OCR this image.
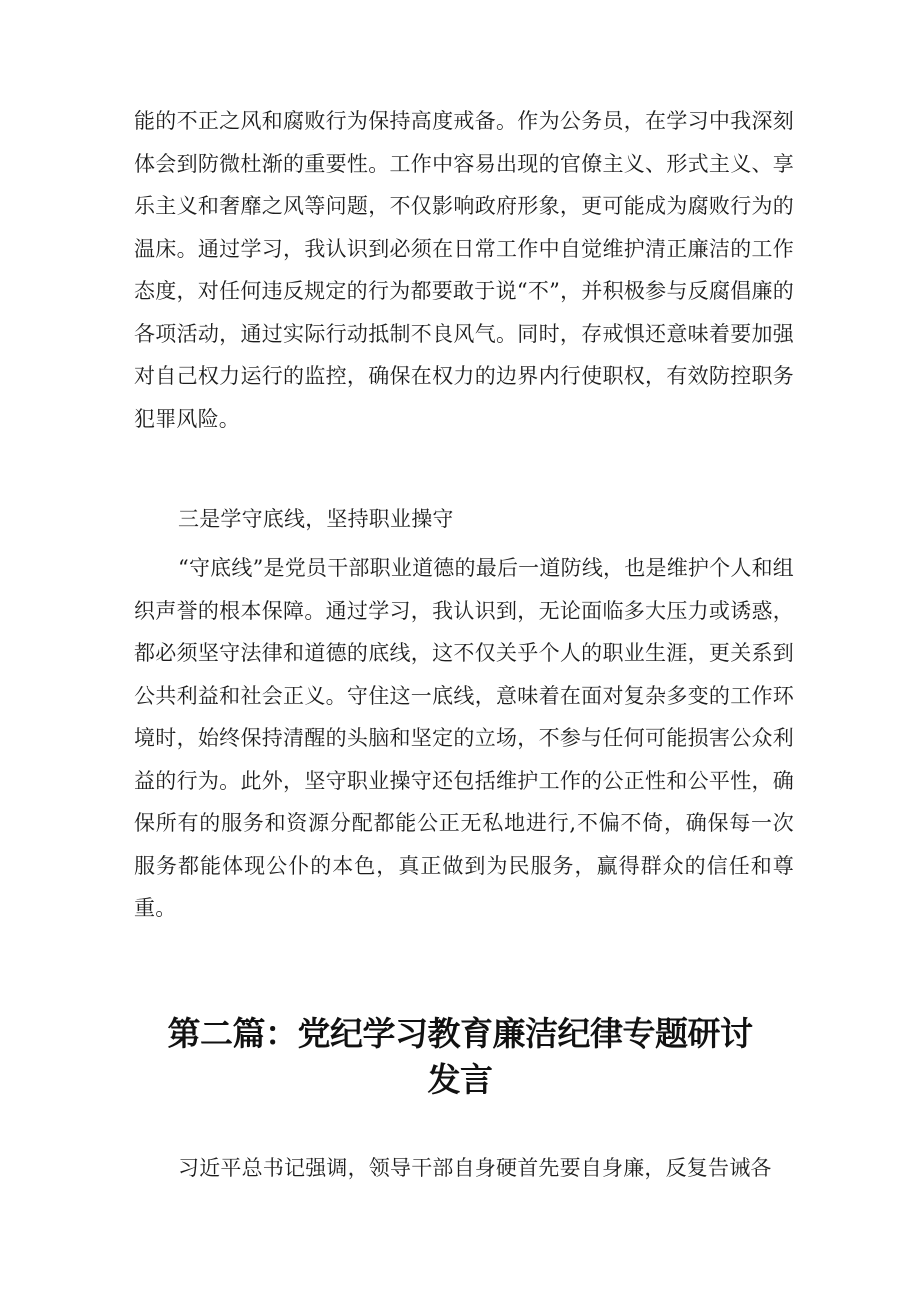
能的不正之风和腐败行为保持高度戒备。作为公务员，在学习中我深刻体会到防微杜渐的重要性。工作中容易出现的官僚主义、形式主义、享乐主义和奢靡之风等问题，不仅影响政府形象，更可能成为腐败行为的温床。通过学习，我认识到必须在日常工作中自觉维护清正廉洁的工作态度，对任何违反规定的行为都要敢于说“不”，并积极参与反腐倡廉的各项活动，通过实际行动抵制不良风气。同时，存戒惧还意味着要加强对自己权力运行的监控，确保在权力的边界内行使职权，有效防控职务犯罪风险。

三是学守底线，坚持职业操守

“守底线”是党员干部职业道德的最后一道防线，也是维护个人和组织声誉的根本保障。通过学习，我认识到，无论面临多大压力或诱惑，都必须坚守法律和道德的底线，这不仅关乎个人的职业生涯，更关系到公共利益和社会正义。守住这一底线，意味着在面对复杂多变的工作环境时，始终保持清醒的头脑和坚定的立场，不参与任何可能损害公众利益的行为。此外，坚守职业操守还包括维护工作的公正性和公平性，确保所有的服务和资源分配都能公正无私地进行,不偏不倚，确保每一次服务都能体现公仆的本色，真正做到为民服务，赢得群众的信任和尊重。

第二篇：党纪学习教育廉洁纪律专题研讨
发言

习近平总书记强调，领导干部自身硬首先要自身廉，反复告诫各
